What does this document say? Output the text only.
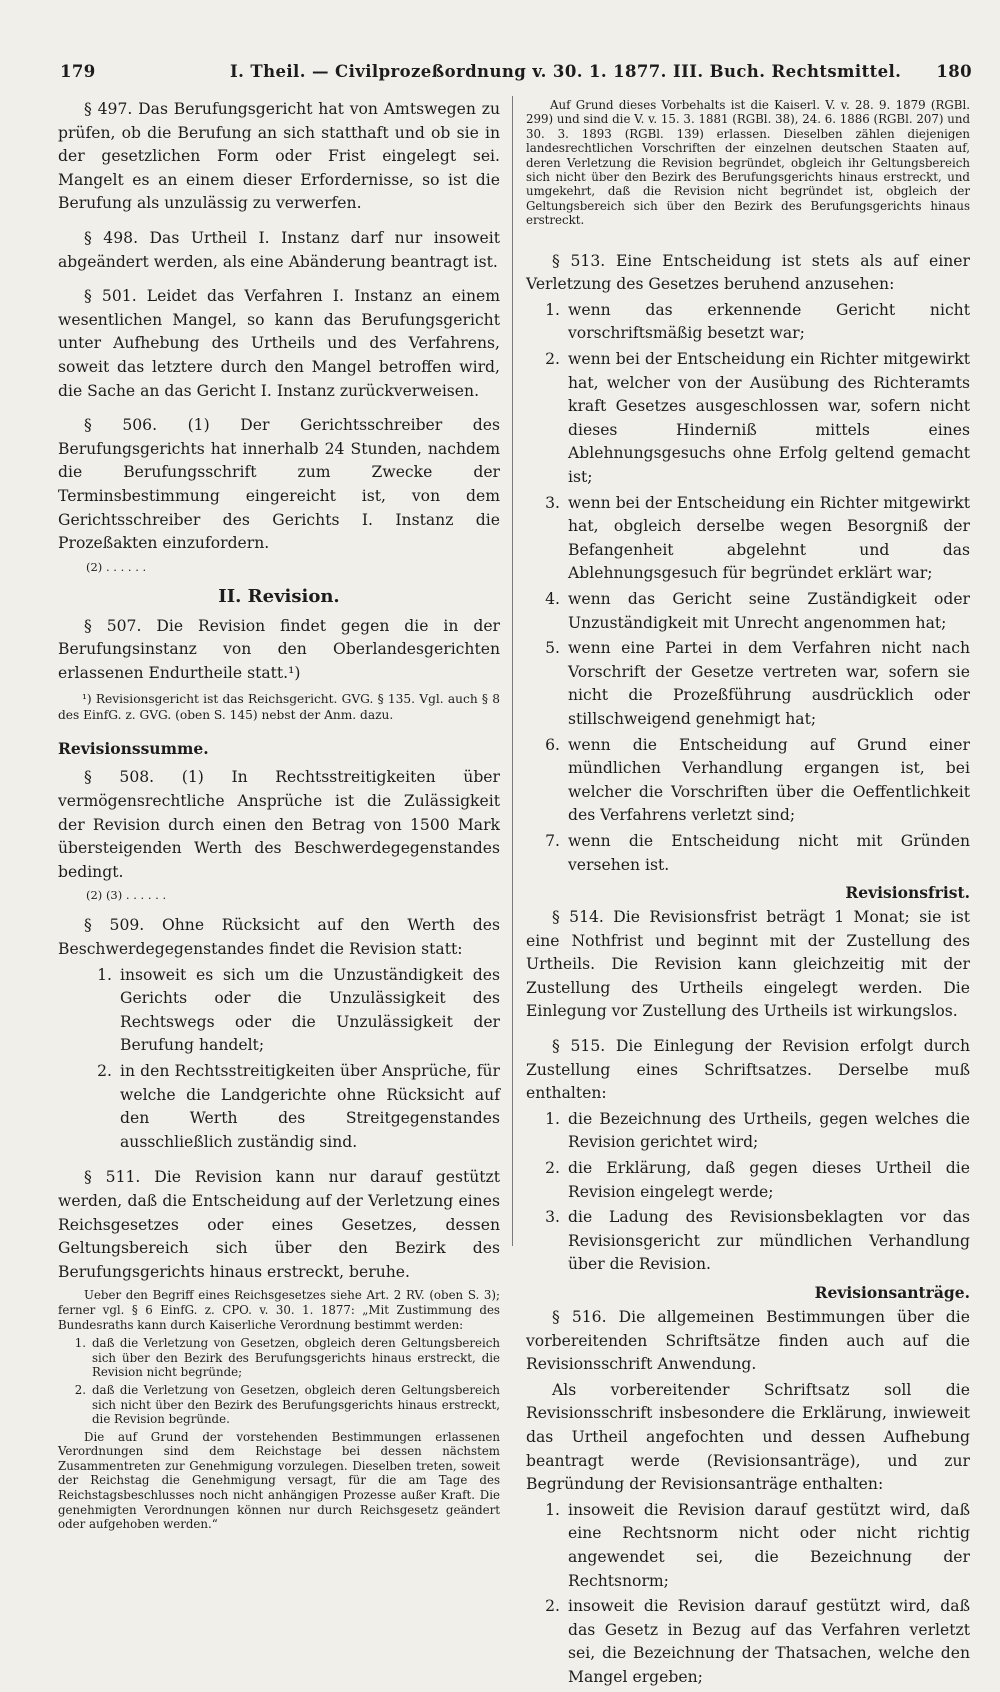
179	I. Theil. — Civilprozeßordnung v. 30. 1. 1877. III. Buch. Rechtsmittel. 180

§ 497. Das Berufungsgericht hat von Amtswegen zu prüfen, ob die Berufung an sich statthaft und ob sie in der gesetzlichen Form oder Frist eingelegt sei. Mangelt es an einem dieser Erfordernisse, so ist die Berufung als unzulässig zu verwerfen.

§ 498. Das Urtheil I. Instanz darf nur insoweit abgeändert werden, als eine Abänderung beantragt ist.

§ 501. Leidet das Verfahren I. Instanz an einem wesentlichen Mangel, so kann das Berufungsgericht unter Aufhebung des Urtheils und des Verfahrens, soweit das letztere durch den Mangel betroffen wird, die Sache an das Gericht I. Instanz zurückverweisen.

§ 506. (1) Der Gerichtsschreiber des Berufungsgerichts hat innerhalb 24 Stunden, nachdem die Berufungsschrift zum Zwecke der Terminsbestimmung eingereicht ist, von dem Gerichtsschreiber des Gerichts I. Instanz die Prozeßakten einzufordern.

(2) . . . . . .

II. Revision.

§ 507. Die Revision findet gegen die in der Berufungsinstanz von den Oberlandesgerichten erlassenen Endurtheile statt.¹)

¹) Revisionsgericht ist das Reichsgericht. GVG. § 135. Vgl. auch § 8 des EinfG. z. GVG. (oben S. 145) nebst der Anm. dazu.

Revisionssumme.

§ 508. (1) In Rechtsstreitigkeiten über vermögensrechtliche Ansprüche ist die Zulässigkeit der Revision durch einen den Betrag von 1500 Mark übersteigenden Werth des Beschwerdegegenstandes bedingt.

(2) (3) . . . . . .

§ 509. Ohne Rücksicht auf den Werth des Beschwerdegegenstandes findet die Revision statt:

1. insoweit es sich um die Unzuständigkeit des Gerichts oder die Unzulässigkeit des Rechtswegs oder die Unzulässigkeit der Berufung handelt;
2. in den Rechtsstreitigkeiten über Ansprüche, für welche die Landgerichte ohne Rücksicht auf den Werth des Streitgegenstandes ausschließlich zuständig sind.

§ 511. Die Revision kann nur darauf gestützt werden, daß die Entscheidung auf der Verletzung eines Reichsgesetzes oder eines Gesetzes, dessen Geltungsbereich sich über den Bezirk des Berufungsgerichts hinaus erstreckt, beruhe.

Ueber den Begriff eines Reichsgesetzes siehe Art. 2 RV. (oben S. 3); ferner vgl. § 6 EinfG. z. CPO. v. 30. 1. 1877: „Mit Zustimmung des Bundesraths kann durch Kaiserliche Verordnung bestimmt werden:

1. daß die Verletzung von Gesetzen, obgleich deren Geltungsbereich sich über den Bezirk des Berufungsgerichts hinaus erstreckt, die Revision nicht begründe;
2. daß die Verletzung von Gesetzen, obgleich deren Geltungsbereich sich nicht über den Bezirk des Berufungsgerichts hinaus erstreckt, die Revision begründe.

Die auf Grund der vorstehenden Bestimmungen erlassenen Verordnungen sind dem Reichstage bei dessen nächstem Zusammentreten zur Genehmigung vorzulegen. Dieselben treten, soweit der Reichstag die Genehmigung versagt, für die am Tage des Reichstagsbeschlusses noch nicht anhängigen Prozesse außer Kraft. Die genehmigten Verordnungen können nur durch Reichsgesetz geändert oder aufgehoben werden.“

Auf Grund dieses Vorbehalts ist die Kaiserl. V. v. 28. 9. 1879 (RGBl. 299) und sind die V. v. 15. 3. 1881 (RGBl. 38), 24. 6. 1886 (RGBl. 207) und 30. 3. 1893 (RGBl. 139) erlassen. Dieselben zählen diejenigen landesrechtlichen Vorschriften der einzelnen deutschen Staaten auf, deren Verletzung die Revision begründet, obgleich ihr Geltungsbereich sich nicht über den Bezirk des Berufungsgerichts hinaus erstreckt, und umgekehrt, daß die Revision nicht begründet ist, obgleich der Geltungsbereich sich über den Bezirk des Berufungsgerichts hinaus erstreckt.

§ 513. Eine Entscheidung ist stets als auf einer Verletzung des Gesetzes beruhend anzusehen:

1. wenn das erkennende Gericht nicht vorschriftsmäßig besetzt war;
2. wenn bei der Entscheidung ein Richter mitgewirkt hat, welcher von der Ausübung des Richteramts kraft Gesetzes ausgeschlossen war, sofern nicht dieses Hinderniß mittels eines Ablehnungsgesuchs ohne Erfolg geltend gemacht ist;
3. wenn bei der Entscheidung ein Richter mitgewirkt hat, obgleich derselbe wegen Besorgniß der Befangenheit abgelehnt und das Ablehnungsgesuch für begründet erklärt war;
4. wenn das Gericht seine Zuständigkeit oder Unzuständigkeit mit Unrecht angenommen hat;
5. wenn eine Partei in dem Verfahren nicht nach Vorschrift der Gesetze vertreten war, sofern sie nicht die Prozeßführung ausdrücklich oder stillschweigend genehmigt hat;
6. wenn die Entscheidung auf Grund einer mündlichen Verhandlung ergangen ist, bei welcher die Vorschriften über die Oeffentlichkeit des Verfahrens verletzt sind;
7. wenn die Entscheidung nicht mit Gründen versehen ist.

Revisionsfrist.

§ 514. Die Revisionsfrist beträgt 1 Monat; sie ist eine Nothfrist und beginnt mit der Zustellung des Urtheils. Die Revision kann gleichzeitig mit der Zustellung des Urtheils eingelegt werden. Die Einlegung vor Zustellung des Urtheils ist wirkungslos.

§ 515. Die Einlegung der Revision erfolgt durch Zustellung eines Schriftsatzes. Derselbe muß enthalten:

1. die Bezeichnung des Urtheils, gegen welches die Revision gerichtet wird;
2. die Erklärung, daß gegen dieses Urtheil die Revision eingelegt werde;
3. die Ladung des Revisionsbeklagten vor das Revisionsgericht zur mündlichen Verhandlung über die Revision.

Revisionsanträge.

§ 516. Die allgemeinen Bestimmungen über die vorbereitenden Schriftsätze finden auch auf die Revisionsschrift Anwendung.

Als vorbereitender Schriftsatz soll die Revisionsschrift insbesondere die Erklärung, inwieweit das Urtheil angefochten und dessen Aufhebung beantragt werde (Revisionsanträge), und zur Begründung der Revisionsanträge enthalten:

1. insoweit die Revision darauf gestützt wird, daß eine Rechtsnorm nicht oder nicht richtig angewendet sei, die Bezeichnung der Rechtsnorm;
2. insoweit die Revision darauf gestützt wird, daß das Gesetz in Bezug auf das Verfahren verletzt sei, die Bezeichnung der Thatsachen, welche den Mangel ergeben;
